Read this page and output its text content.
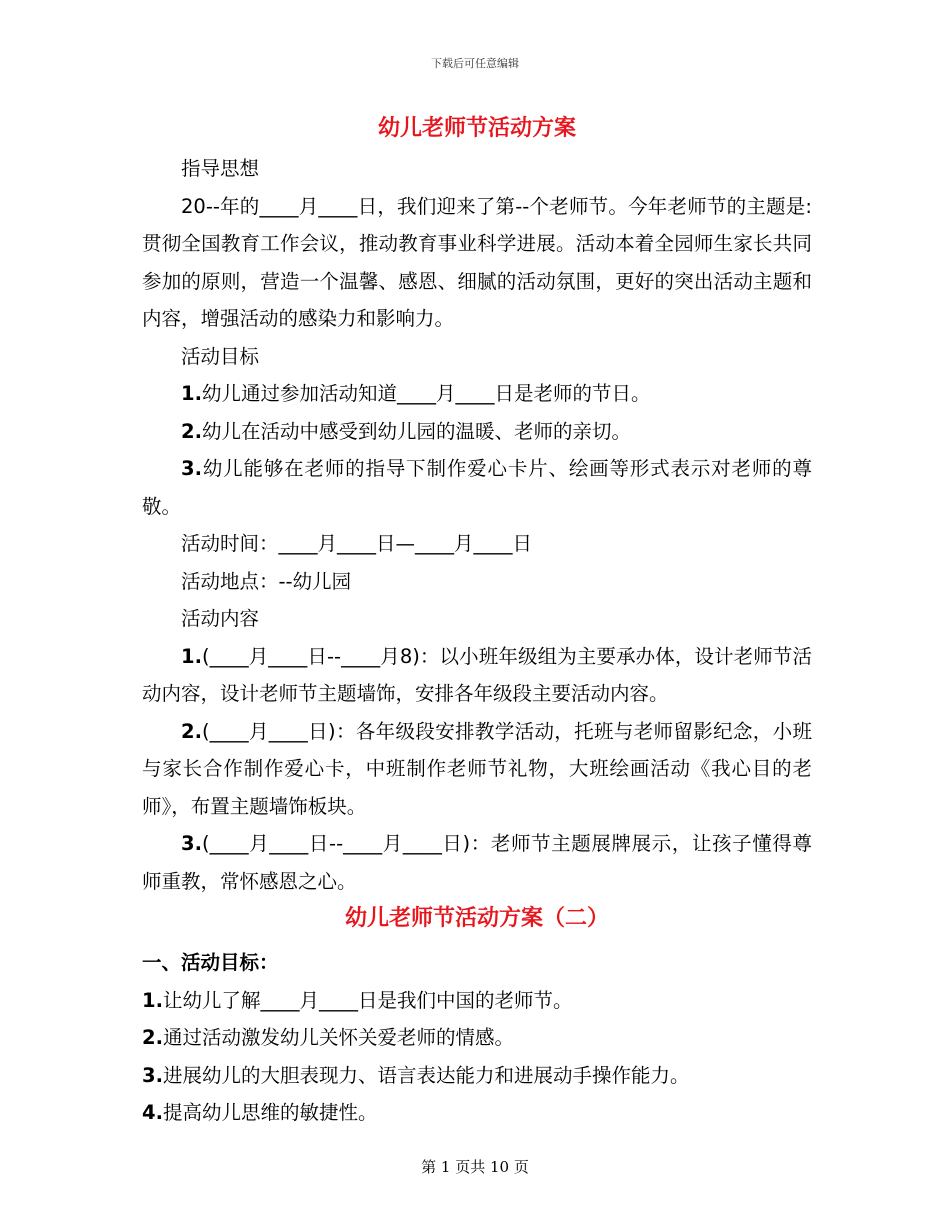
下载后可任意编辑
幼儿老师节活动方案

指导思想

20--年的____月____日，我们迎来了第--个老师节。今年老师节的主题是:贯彻全国教育工作会议，推动教育事业科学进展。活动本着全园师生家长共同参加的原则，营造一个温馨、感恩、细腻的活动氛围，更好的突出活动主题和内容，增强活动的感染力和影响力。

活动目标

1.幼儿通过参加活动知道____月____日是老师的节日。

2.幼儿在活动中感受到幼儿园的温暖、老师的亲切。

3.幼儿能够在老师的指导下制作爱心卡片、绘画等形式表示对老师的尊敬。

活动时间：____月____日—____月____日

活动地点：--幼儿园

活动内容

1.(____月____日--____月8)：以小班年级组为主要承办体，设计老师节活动内容，设计老师节主题墙饰，安排各年级段主要活动内容。

2.(____月____日)：各年级段安排教学活动，托班与老师留影纪念，小班与家长合作制作爱心卡，中班制作老师节礼物，大班绘画活动《我心目的老师》，布置主题墙饰板块。

3.(____月____日--____月____日)：老师节主题展牌展示，让孩子懂得尊师重教，常怀感恩之心。

幼儿老师节活动方案（二）

一、活动目标：

1.让幼儿了解____月____日是我们中国的老师节。

2.通过活动激发幼儿关怀关爱老师的情感。

3.进展幼儿的大胆表现力、语言表达能力和进展动手操作能力。

4.提高幼儿思维的敏捷性。

第 1 页共 10 页
